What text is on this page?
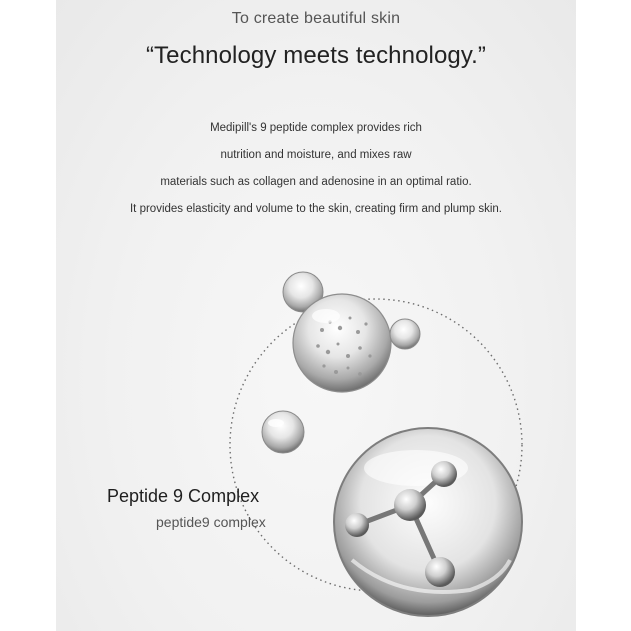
To create beautiful skin
“Technology meets technology.”
Medipill's 9 peptide complex provides rich
nutrition and moisture, and mixes raw
materials such as collagen and adenosine in an optimal ratio.
It provides elasticity and volume to the skin, creating firm and plump skin.
Peptide 9 Complex
peptide9 complex
